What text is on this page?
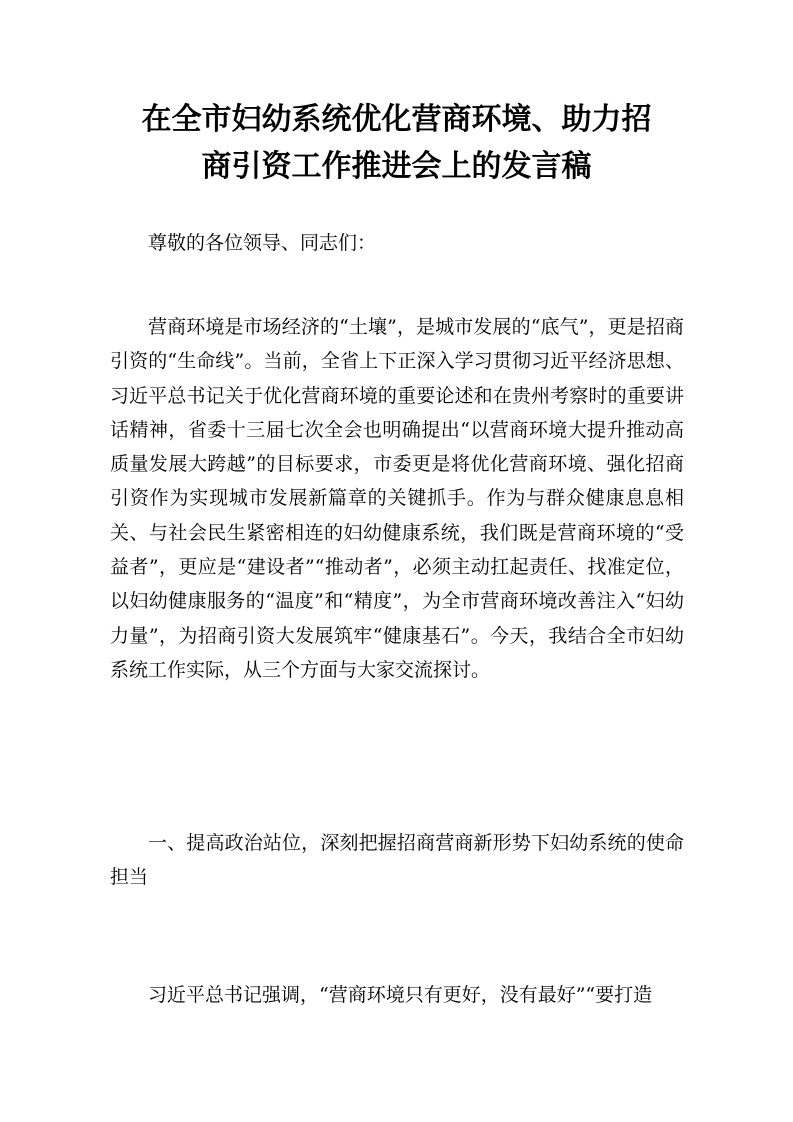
在全市妇幼系统优化营商环境、助力招
商引资工作推进会上的发言稿

尊敬的各位领导、同志们：

营商环境是市场经济的“土壤”，是城市发展的“底气”，更是招商引资的“生命线”。当前，全省上下正深入学习贯彻习近平经济思想、习近平总书记关于优化营商环境的重要论述和在贵州考察时的重要讲话精神，省委十三届七次全会也明确提出“以营商环境大提升推动高质量发展大跨越”的目标要求，市委更是将优化营商环境、强化招商引资作为实现城市发展新篇章的关键抓手。作为与群众健康息息相关、与社会民生紧密相连的妇幼健康系统，我们既是营商环境的“受益者”，更应是“建设者”“推动者”，必须主动扛起责任、找准定位，以妇幼健康服务的“温度”和“精度”，为全市营商环境改善注入“妇幼力量”，为招商引资大发展筑牢“健康基石”。今天，我结合全市妇幼系统工作实际，从三个方面与大家交流探讨。

一、提高政治站位，深刻把握招商营商新形势下妇幼系统的使命担当

习近平总书记强调，“营商环境只有更好，没有最好”“要打造
